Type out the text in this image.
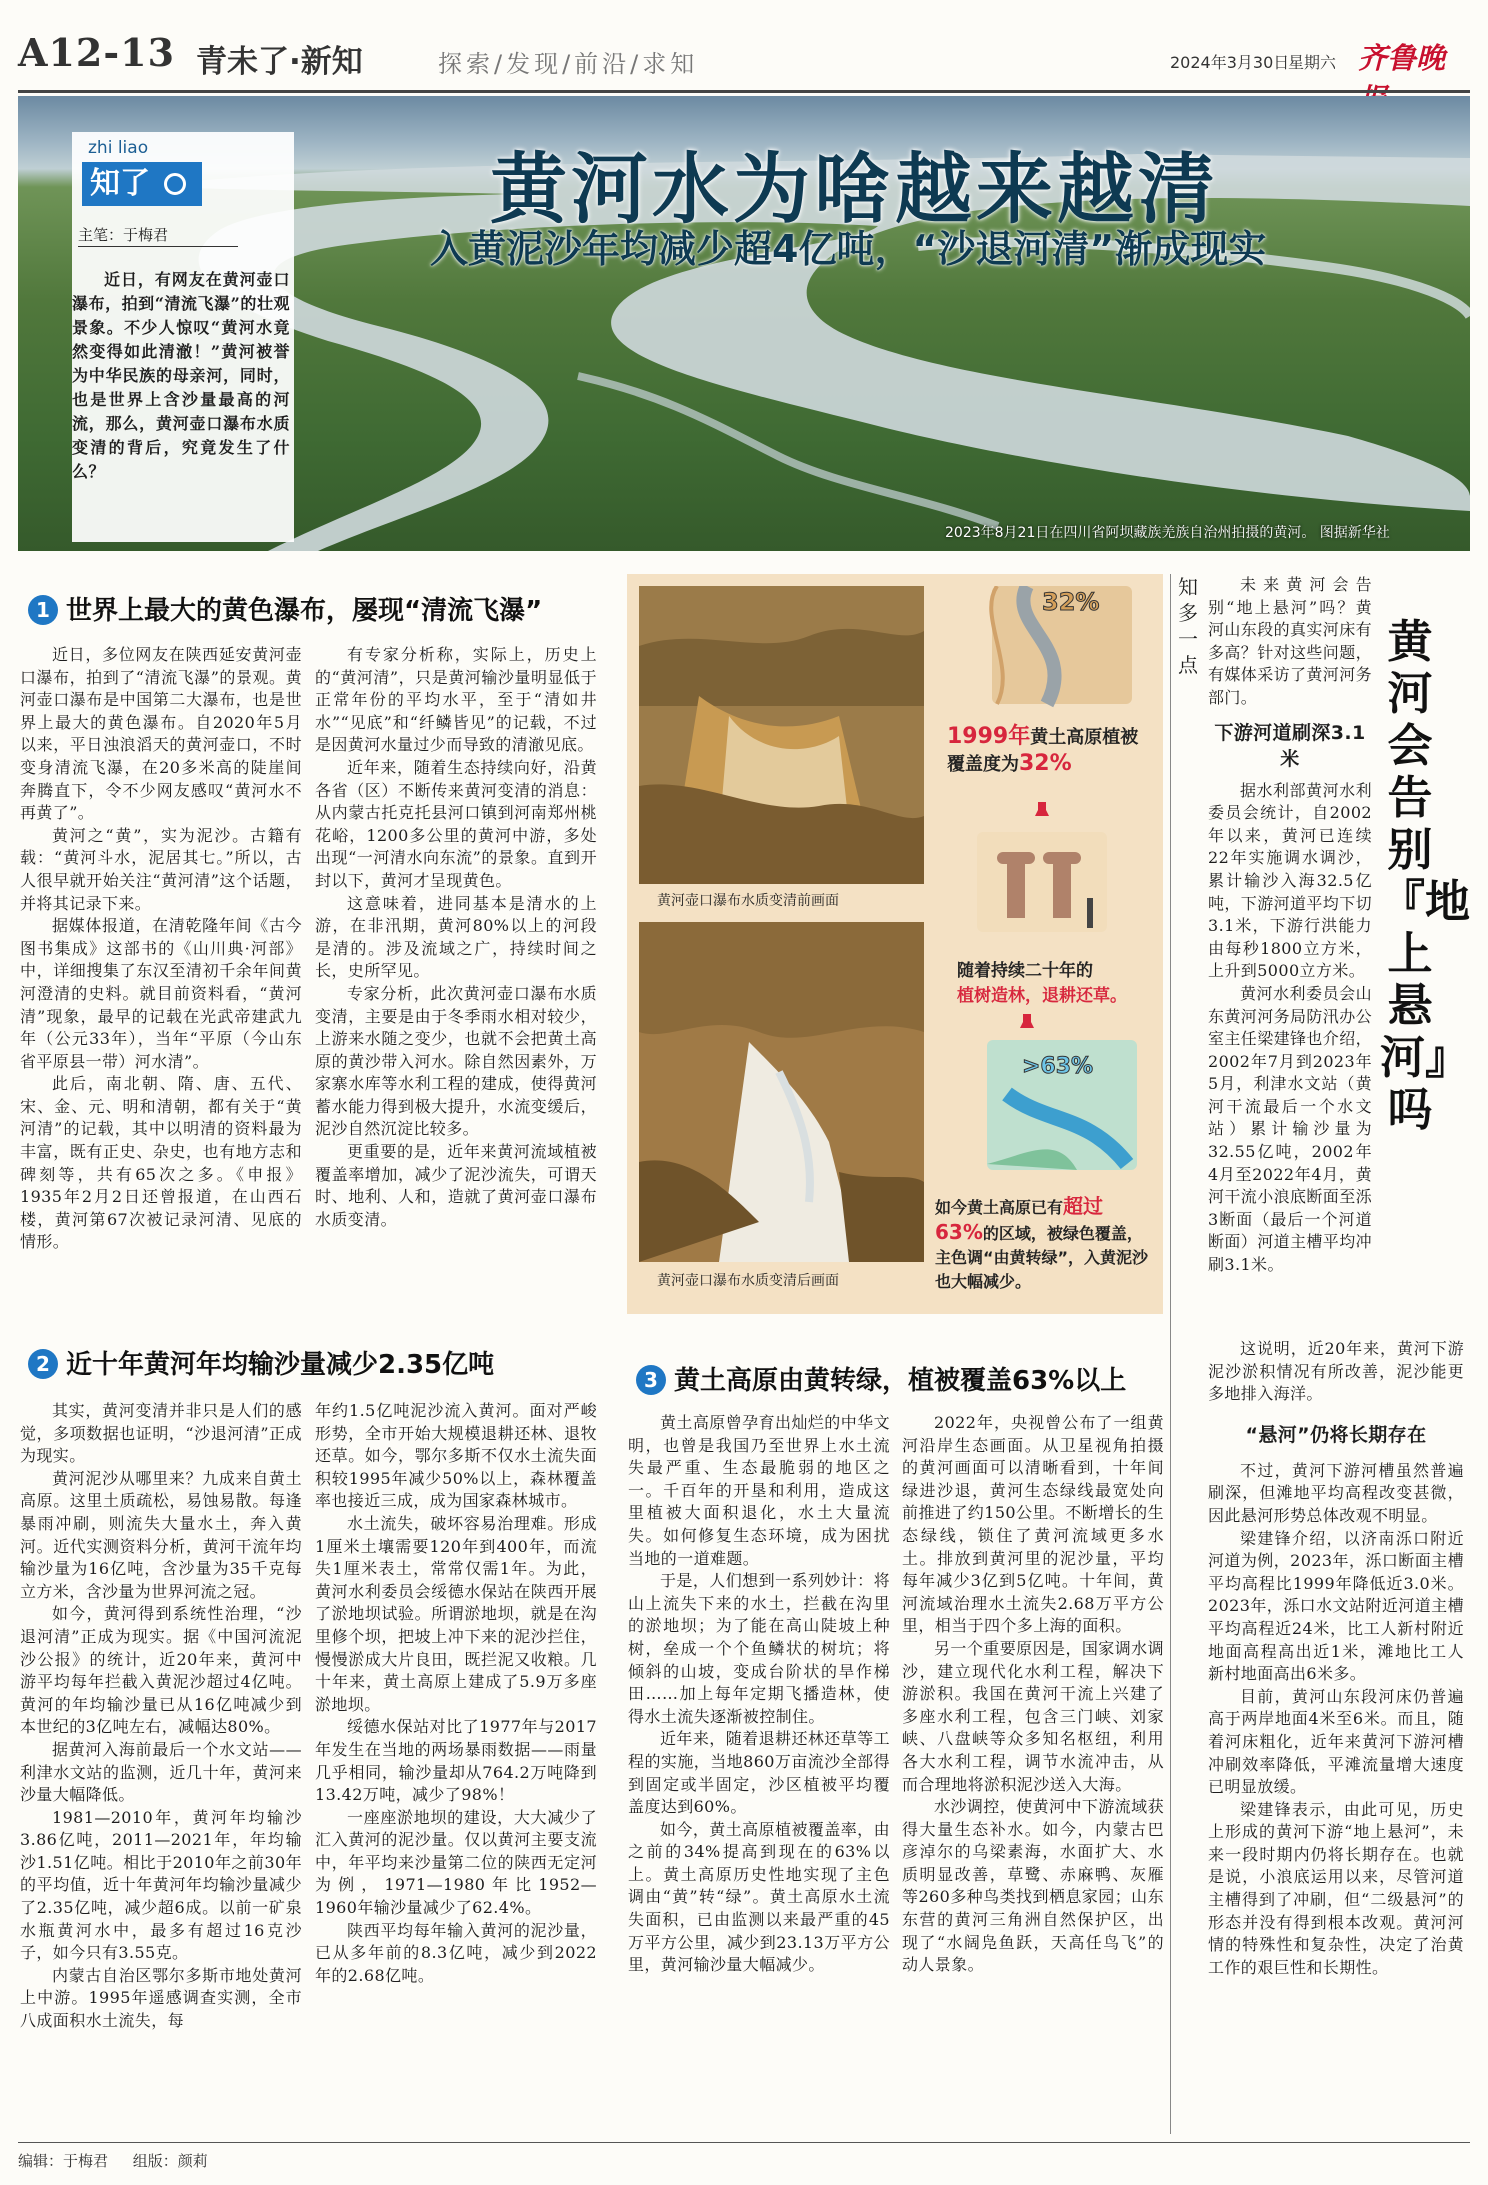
A12-13 青未了·新知	探索/发现/前沿/求知	2024年3月30日
星期六 齐鲁晚
2023年8月21日在四川省阿坝藏族羌族自治州拍摄的黄河。 图据新华社
黄河水为啥越来越清
入黄泥沙年均减少超4亿吨，“沙退河清”渐成现实
zhi liao
知了
主笔：于梅君
近日，有网友在黄河壶口瀑布，拍到“清流飞瀑”的壮观景象。不少人惊叹“黄河水竟然变得如此清澈！”黄河被誉为中华民族的母亲河，同时，也是世界上含沙量最高的河流，那么，黄河壶口瀑布水质变清的背后，究竟发生了什么？
1 世界上最大的黄色瀑布，屡现“清流飞瀑”

近日，多位网友在陕西延安黄河壶口瀑布，拍到了“清流飞瀑”的景观。黄河壶口瀑布是中国第二大瀑布，也是世界上最大的黄色瀑布。自2020年5月以来，平日浊浪滔天的黄河壶口，不时变身清流飞瀑，在20多米高的陡崖间奔腾直下，令不少网友感叹“黄河水不再黄了”。

黄河之“黄”，实为泥沙。古籍有载：“黄河斗水，泥居其七。”所以，古人很早就开始关注“黄河清”这个话题，并将其记录下来。

据媒体报道，在清乾隆年间《古今图书集成》这部书的《山川典·河部》中，详细搜集了东汉至清初千余年间黄河澄清的史料。就目前资料看，“黄河清”现象，最早的记载在光武帝建武九年（公元33年），当年“平原（今山东省平原县一带）河水清”。

此后，南北朝、隋、唐、五代、宋、金、元、明和清朝，都有关于“黄河清”的记载，其中以明清的资料最为丰富，既有正史、杂史，也有地方志和碑刻等，共有65次之多。《申报》1935年2月2日还曾报道，在山西石楼，黄河第67次被记录河清、见底的情形。

有专家分析称，实际上，历史上的“黄河清”，只是黄河输沙量明显低于正常年份的平均水平，至于“清如井水”“见底”和“纤鳞皆见”的记载，不过是因黄河水量过少而导致的清澈见底。

近年来，随着生态持续向好，沿黄各省（区）不断传来黄河变清的消息：从内蒙古托克托县河口镇到河南郑州桃花峪，1200多公里的黄河中游，多处出现“一河清水向东流”的景象。直到开封以下，黄河才呈现黄色。

这意味着，进同基本是清水的上游，在非汛期，黄河80%以上的河段是清的。涉及流域之广，持续时间之长，史所罕见。

专家分析，此次黄河壶口瀑布水质变清，主要是由于冬季雨水相对较少，上游来水随之变少，也就不会把黄土高原的黄沙带入河水。除自然因素外，万家寨水库等水利工程的建成，使得黄河蓄水能力得到极大提升，水流变缓后，泥沙自然沉淀比较多。

更重要的是，近年来黄河流域植被覆盖率增加，减少了泥沙流失，可谓天时、地利、人和，造就了黄河壶口瀑布水质变清。

黄河壶口瀑布水质变清前画面
黄河壶口瀑布水质变清后画面
32%
1999年黄土高原植被覆盖度为32%
随着持续二十年的
植树造林，退耕还草。
>63%
如今黄土高原已有超过
63%的区域，被绿色覆盖，主色调“由黄转绿”，入黄泥沙也大幅减少。
2 近十年黄河年均输沙量减少2.35亿吨

其实，黄河变清并非只是人们的感觉，多项数据也证明，“沙退河清”正成为现实。

黄河泥沙从哪里来？九成来自黄土高原。这里土质疏松，易蚀易散。每逢暴雨冲刷，则流失大量水土，奔入黄河。近代实测资料分析，黄河干流年均输沙量为16亿吨，含沙量为35千克每立方米，含沙量为世界河流之冠。

如今，黄河得到系统性治理，“沙退河清”正成为现实。据《中国河流泥沙公报》的统计，近20年来，黄河中游平均每年拦截入黄泥沙超过4亿吨。黄河的年均输沙量已从16亿吨减少到本世纪的3亿吨左右，减幅达80%。

据黄河入海前最后一个水文站——利津水文站的监测，近几十年，黄河来沙量大幅降低。

1981—2010年，黄河年均输沙3.86亿吨，2011—2021年，年均输沙1.51亿吨。相比于2010年之前30年的平均值，近十年黄河年均输沙量减少了2.35亿吨，减少超6成。以前一矿泉水瓶黄河水中，最多有超过16克沙子，如今只有3.55克。

内蒙古自治区鄂尔多斯市地处黄河上中游。1995年遥感调查实测，全市八成面积水土流失，每

年约1.5亿吨泥沙流入黄河。面对严峻形势，全市开始大规模退耕还林、退牧还草。如今，鄂尔多斯不仅水土流失面积较1995年减少50%以上，森林覆盖率也接近三成，成为国家森林城市。

水土流失，破坏容易治理难。形成1厘米土壤需要120年到400年，而流失1厘米表土，常常仅需1年。为此，黄河水利委员会绥德水保站在陕西开展了淤地坝试验。所谓淤地坝，就是在沟里修个坝，把坡上冲下来的泥沙拦住，慢慢淤成大片良田，既拦泥又收粮。几十年来，黄土高原上建成了5.9万多座淤地坝。

绥德水保站对比了1977年与2017年发生在当地的两场暴雨数据——雨量几乎相同，输沙量却从764.2万吨降到13.42万吨，减少了98%！

一座座淤地坝的建设，大大减少了汇入黄河的泥沙量。仅以黄河主要支流中，年平均来沙量第二位的陕西无定河为例，1971—1980年比1952—1960年输沙量减少了62.4%。

陕西平均每年输入黄河的泥沙量，已从多年前的8.3亿吨，减少到2022年的2.68亿吨。

3 黄土高原由黄转绿，植被覆盖63%以上

黄土高原曾孕育出灿烂的中华文明，也曾是我国乃至世界上水土流失最严重、生态最脆弱的地区之一。千百年的开垦和利用，造成这里植被大面积退化，水土大量流失。如何修复生态环境，成为困扰当地的一道难题。

于是，人们想到一系列妙计：将山上流失下来的水土，拦截在沟里的淤地坝；为了能在高山陡坡上种树，垒成一个个鱼鳞状的树坑；将倾斜的山坡，变成台阶状的旱作梯田……加上每年定期飞播造林，使得水土流失逐渐被控制住。

近年来，随着退耕还林还草等工程的实施，当地860万亩流沙全部得到固定或半固定，沙区植被平均覆盖度达到60%。

如今，黄土高原植被覆盖率，由之前的34%提高到现在的63%以上。黄土高原历史性地实现了主色调由“黄”转“绿”。黄土高原水土流失面积，已由监测以来最严重的45万平方公里，减少到23.13万平方公里，黄河输沙量大幅减少。

2022年，央视曾公布了一组黄河沿岸生态画面。从卫星视角拍摄的黄河画面可以清晰看到，十年间绿进沙退，黄河生态绿线最宽处向前推进了约150公里。不断增长的生态绿线，锁住了黄河流域更多水土。排放到黄河里的泥沙量，平均每年减少3亿到5亿吨。十年间，黄河流域治理水土流失2.68万平方公里，相当于四个多上海的面积。

另一个重要原因是，国家调水调沙，建立现代化水利工程，解决下游淤积。我国在黄河干流上兴建了多座水利工程，包含三门峡、刘家峡、八盘峡等众多知名枢纽，利用各大水利工程，调节水流冲击，从而合理地将淤积泥沙送入大海。

水沙调控，使黄河中下游流域获得大量生态补水。如今，内蒙古巴彦淖尔的乌梁素海，水面扩大、水质明显改善，草鹭、赤麻鸭、灰雁等260多种鸟类找到栖息家园；山东东营的黄河三角洲自然保护区，出现了“水阔凫鱼跃，天高任鸟飞”的动人景象。

知多一点	黄河会告别『地上悬河』吗

未来黄河会告别“地上悬河”吗？黄河山东段的真实河床有多高？针对这些问题，有媒体采访了黄河河务部门。

下游河道刷深3.1米

据水利部黄河水利委员会统计，自2002年以来，黄河已连续22年实施调水调沙，累计输沙入海32.5亿吨，下游河道平均下切3.1米，下游行洪能力由每秒1800立方米，上升到5000立方米。

黄河水利委员会山东黄河河务局防汛办公室主任梁建锋也介绍，2002年7月到2023年5月，利津水文站（黄河干流最后一个水文站）累计输沙量为32.55亿吨，2002年4月至2022年4月，黄河干流小浪底断面至泺3断面（最后一个河道断面）河道主槽平均冲刷3.1米。

这说明，近20年来，黄河下游泥沙淤积情况有所改善，泥沙能更多地排入海洋。

“悬河”仍将长期存在

不过，黄河下游河槽虽然普遍刷深，但滩地平均高程改变甚微，因此悬河形势总体改观不明显。

梁建锋介绍，以济南泺口附近河道为例，2023年，泺口断面主槽平均高程比1999年降低近3.0米。2023年，泺口水文站附近河道主槽平均高程近24米，比工人新村附近地面高程高出近1米，滩地比工人新村地面高出6米多。

目前，黄河山东段河床仍普遍高于两岸地面4米至6米。而且，随着河床粗化，近年来黄河下游河槽冲刷效率降低，平滩流量增大速度已明显放缓。

梁建锋表示，由此可见，历史上形成的黄河下游“地上悬河”，未来一段时期内仍将长期存在。也就是说，小浪底运用以来，尽管河道主槽得到了冲刷，但“二级悬河”的形态并没有得到根本改观。黄河河情的特殊性和复杂性，决定了治黄工作的艰巨性和长期性。

编辑：于梅君 组版：颜莉
